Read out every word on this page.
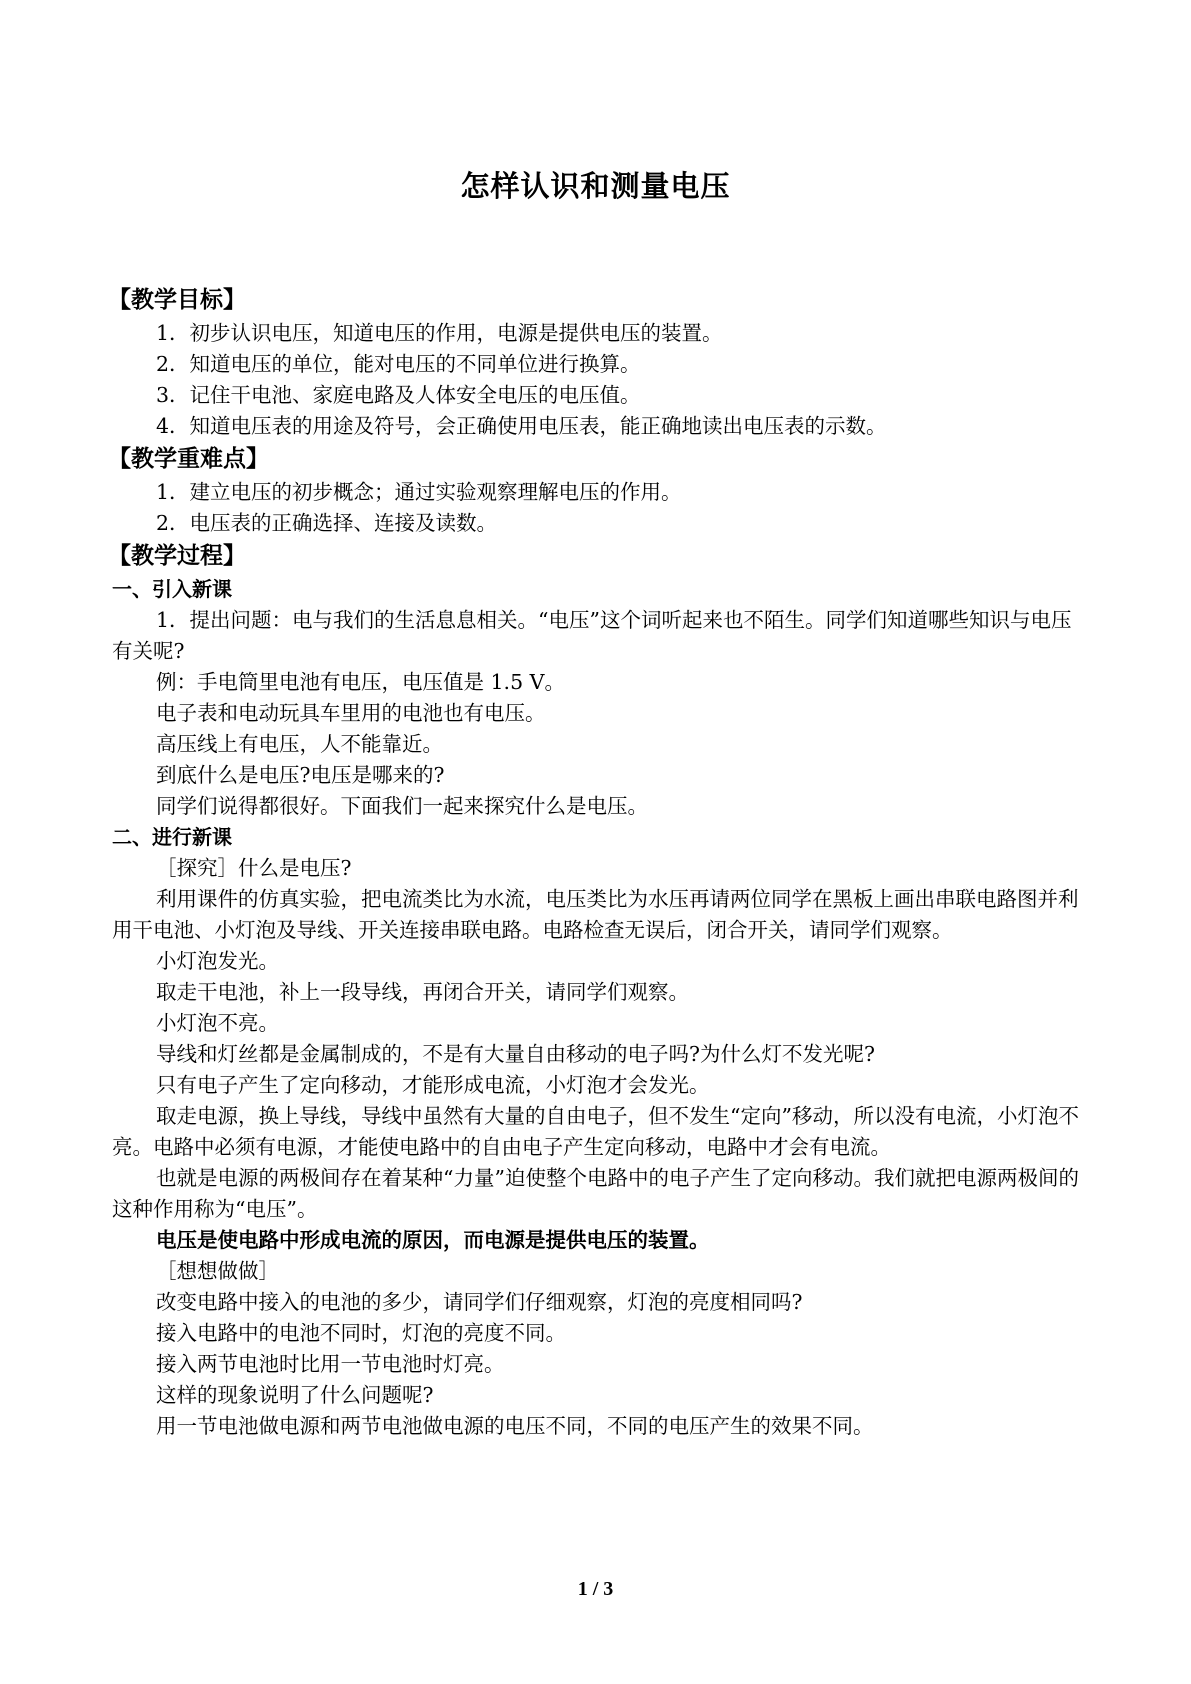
怎样认识和测量电压
【教学目标】

1．初步认识电压，知道电压的作用，电源是提供电压的装置。

2．知道电压的单位，能对电压的不同单位进行换算。

3．记住干电池、家庭电路及人体安全电压的电压值。

4．知道电压表的用途及符号，会正确使用电压表，能正确地读出电压表的示数。

【教学重难点】

1．建立电压的初步概念；通过实验观察理解电压的作用。

2．电压表的正确选择、连接及读数。

【教学过程】
一、引入新课

1．提出问题：电与我们的生活息息相关。“电压”这个词听起来也不陌生。同学们知道哪些知识与电压有关呢?

例：手电筒里电池有电压，电压值是 1.5 V。

电子表和电动玩具车里用的电池也有电压。

高压线上有电压，人不能靠近。

到底什么是电压?电压是哪来的?

同学们说得都很好。下面我们一起来探究什么是电压。

二、进行新课

［探究］什么是电压?

利用课件的仿真实验，把电流类比为水流，电压类比为水压再请两位同学在黑板上画出串联电路图并利用干电池、小灯泡及导线、开关连接串联电路。电路检查无误后，闭合开关，请同学们观察。

小灯泡发光。

取走干电池，补上一段导线，再闭合开关，请同学们观察。

小灯泡不亮。

导线和灯丝都是金属制成的，不是有大量自由移动的电子吗?为什么灯不发光呢?

只有电子产生了定向移动，才能形成电流，小灯泡才会发光。

取走电源，换上导线，导线中虽然有大量的自由电子，但不发生“定向”移动，所以没有电流，小灯泡不亮。电路中必须有电源，才能使电路中的自由电子产生定向移动，电路中才会有电流。

也就是电源的两极间存在着某种“力量”迫使整个电路中的电子产生了定向移动。我们就把电源两极间的这种作用称为“电压”。

电压是使电路中形成电流的原因，而电源是提供电压的装置。

［想想做做］

改变电路中接入的电池的多少，请同学们仔细观察，灯泡的亮度相同吗?

接入电路中的电池不同时，灯泡的亮度不同。

接入两节电池时比用一节电池时灯亮。

这样的现象说明了什么问题呢?

用一节电池做电源和两节电池做电源的电压不同，不同的电压产生的效果不同。

1 / 3
